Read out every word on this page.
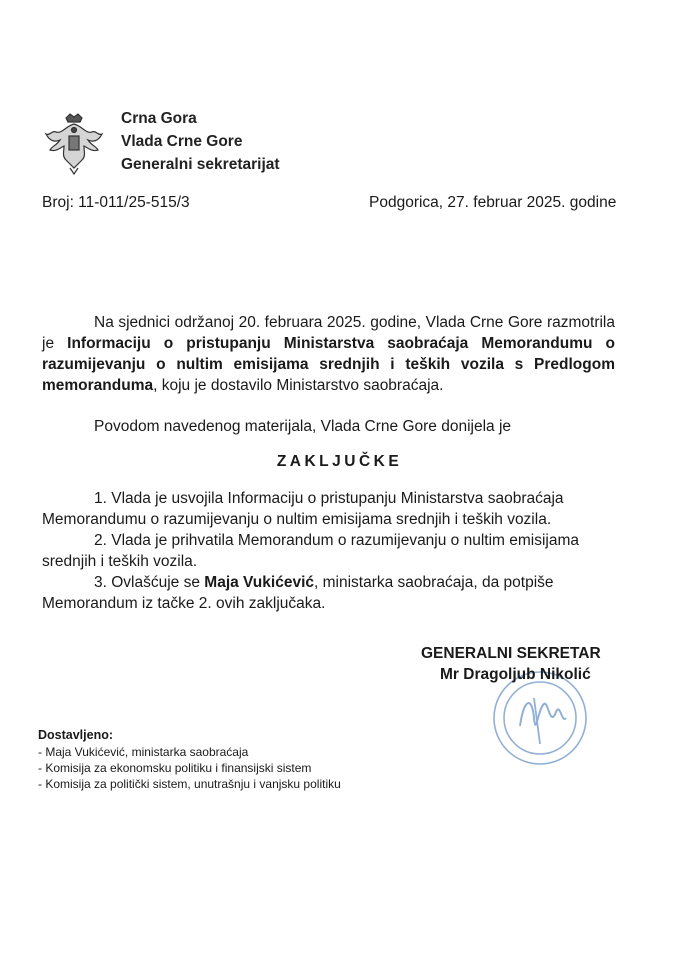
Crna Gora
Vlada Crne Gore
Generalni sekretarijat
Broj: 11-011/25-515/3	Podgorica, 27. februar 2025. godine
Na sjednici održanoj 20. februara 2025. godine, Vlada Crne Gore razmotrila je Informaciju o pristupanju Ministarstva saobraćaja Memorandumu o razumijevanju o nultim emisijama srednjih i teških vozila s Predlogom memoranduma, koju je dostavilo Ministarstvo saobraćaja.
Povodom navedenog materijala, Vlada Crne Gore donijela je
ZAKLJUČKE
1. Vlada je usvojila Informaciju o pristupanju Ministarstva saobraćaja Memorandumu o razumijevanju o nultim emisijama srednjih i teških vozila.
2. Vlada je prihvatila Memorandum o razumijevanju o nultim emisijama srednjih i teških vozila.
3. Ovlašćuje se Maja Vukićević, ministarka saobraćaja, da potpiše Memorandum iz tačke 2. ovih zaključaka.
GENERALNI SEKRETAR
Mr Dragoljub Nikolić
Dostavljeno:
- Maja Vukićević, ministarka saobraćaja
- Komisija za ekonomsku politiku i finansijski sistem
- Komisija za politički sistem, unutrašnju i vanjsku politiku
